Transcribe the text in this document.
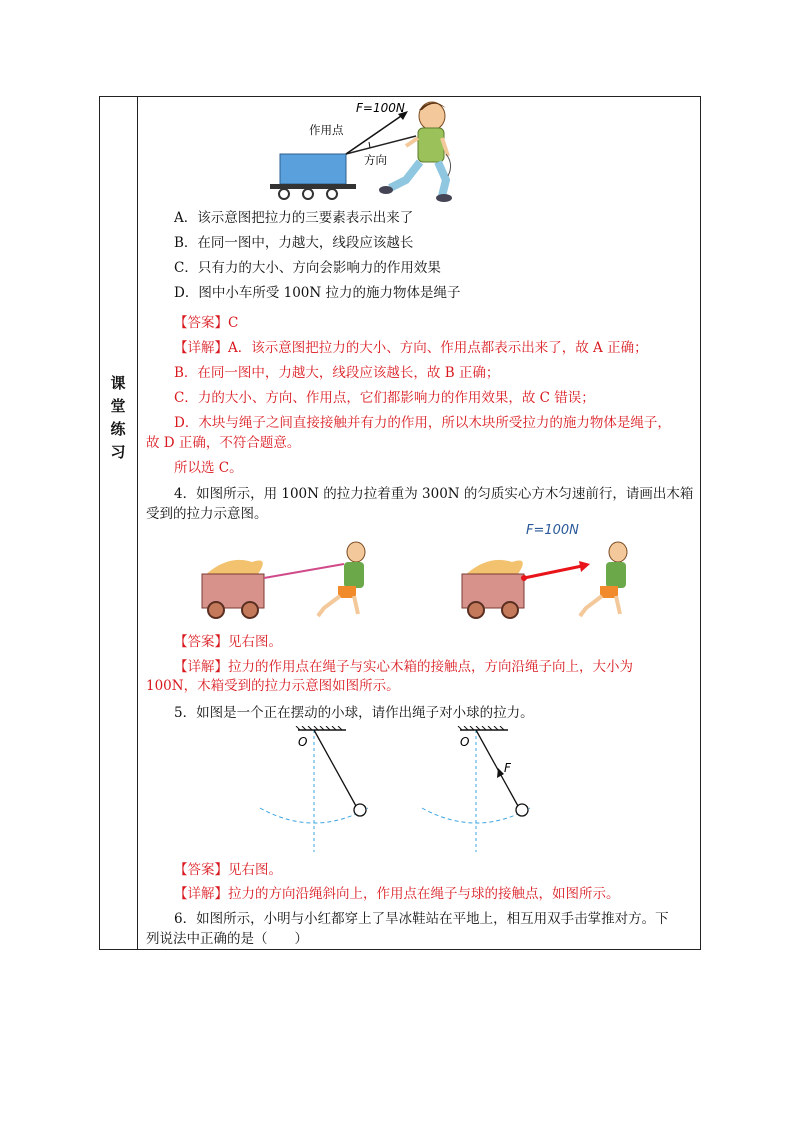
课
堂
练
习
F=100N
作用点
方向
A．该示意图把拉力的三要素表示出来了
B．在同一图中，力越大，线段应该越长
C．只有力的大小、方向会影响力的作用效果
D．图中小车所受 100N 拉力的施力物体是绳子
【答案】C
【详解】A．该示意图把拉力的大小、方向、作用点都表示出来了，故 A 正确；
B．在同一图中，力越大，线段应该越长，故 B 正确；
C．力的大小、方向、作用点，它们都影响力的作用效果，故 C 错误；
D．木块与绳子之间直接接触并有力的作用，所以木块所受拉力的施力物体是绳子，
故 D 正确，不符合题意。
所以选 C。
4．如图所示，用 100N 的拉力拉着重为 300N 的匀质实心方木匀速前行，请画出木箱
受到的拉力示意图。
F=100N
【答案】见右图。
【详解】拉力的作用点在绳子与实心木箱的接触点，方向沿绳子向上，大小为
100N，木箱受到的拉力示意图如图所示。
5．如图是一个正在摆动的小球，请作出绳子对小球的拉力。
O	O
F
【答案】见右图。
【详解】拉力的方向沿绳斜向上，作用点在绳子与球的接触点，如图所示。
6．如图所示，小明与小红都穿上了旱冰鞋站在平地上，相互用双手击掌推对方。下
列说法中正确的是（　　）
